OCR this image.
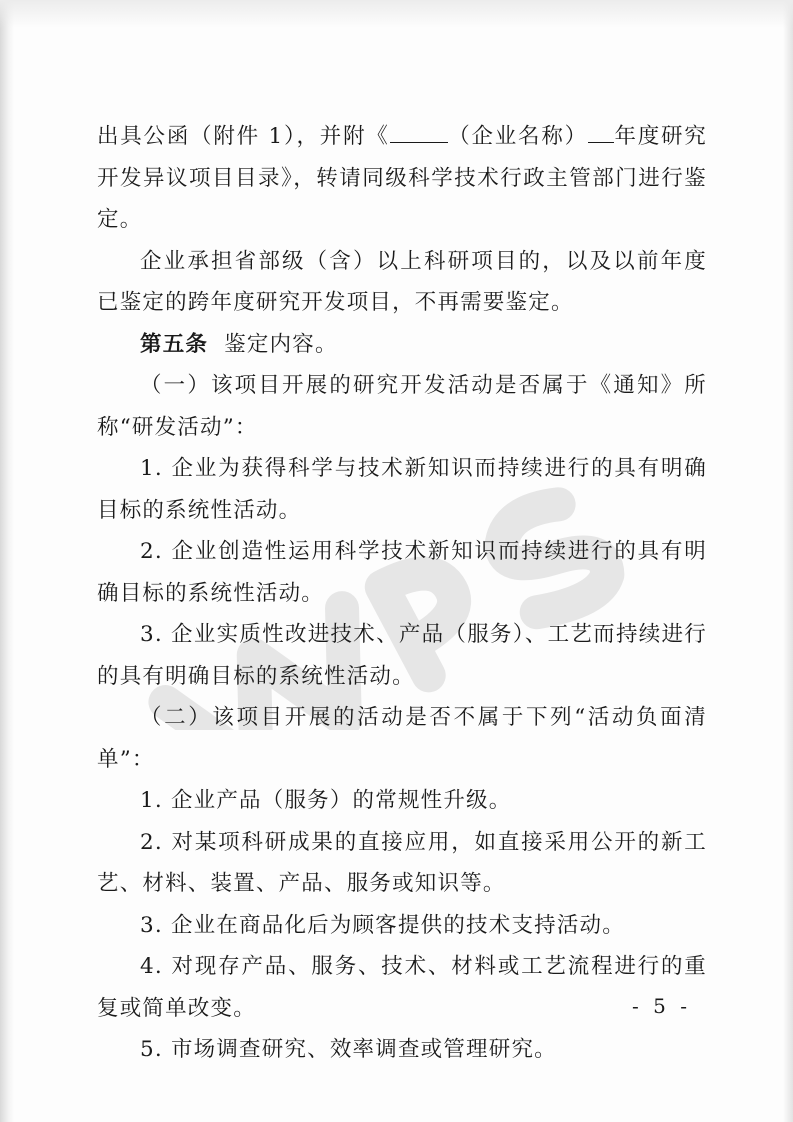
出具公函（附件 1），并附《	（企业名称） 年度研究开发异议项目目录》，转请同级科学技术行政主管部门进行鉴定。

企业承担省部级（含）以上科研项目的，以及以前年度已鉴定的跨年度研究开发项目，不再需要鉴定。

第五条 鉴定内容。

（一）该项目开展的研究开发活动是否属于《通知》所称“研发活动”：

1. 企业为获得科学与技术新知识而持续进行的具有明确目标的系统性活动。

2. 企业创造性运用科学技术新知识而持续进行的具有明确目标的系统性活动。

3. 企业实质性改进技术、产品（服务）、工艺而持续进行的具有明确目标的系统性活动。

（二）该项目开展的活动是否不属于下列“活动负面清单”：

1. 企业产品（服务）的常规性升级。

2. 对某项科研成果的直接应用，如直接采用公开的新工艺、材料、装置、产品、服务或知识等。

3. 企业在商品化后为顾客提供的技术支持活动。

4. 对现存产品、服务、技术、材料或工艺流程进行的重复或简单改变。

5. 市场调查研究、效率调查或管理研究。

- 5 -
